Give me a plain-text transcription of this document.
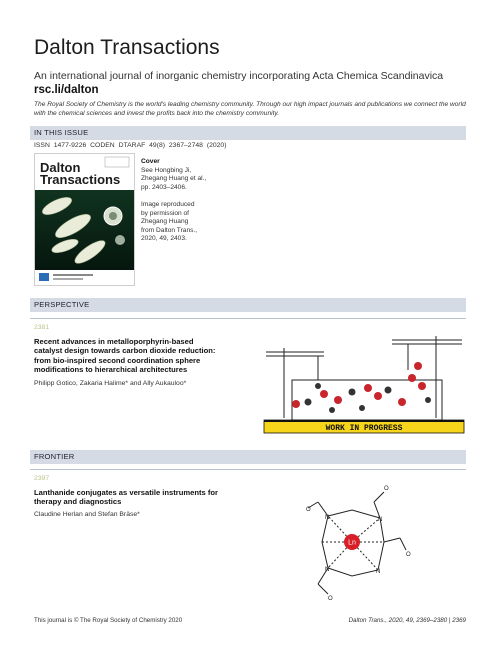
Dalton Transactions
An international journal of inorganic chemistry incorporating Acta Chemica Scandinavica
rsc.li/dalton
The Royal Society of Chemistry is the world's leading chemistry community. Through our high impact journals and publications we connect the world with the chemical sciences and invest the profits back into the chemistry community.
IN THIS ISSUE
ISSN 1477-9226 CODEN DTARAF 49(8) 2367–2748 (2020)
Dalton
Transactions
Cover
See Hongbing Ji,
Zhegang Huang et al.,
pp. 2403–2406.
Image reproduced
by permission of
Zhegang Huang
from Dalton Trans.,
2020, 49, 2403.
PERSPECTIVE
2381
Recent advances in metalloporphyrin-based
catalyst design towards carbon dioxide reduction:
from bio-inspired second coordination sphere
modifications to hierarchical architectures
Philipp Gotico, Zakaria Halime* and Ally Aukauloo*
WORK IN PROGRESS
FRONTIER
2397
Lanthanide conjugates as versatile instruments for
therapy and diagnostics
Claudine Herlan and Stefan Bräse*
O
O
O
O
N	N
N	N
Ln
This journal is © The Royal Society of Chemistry 2020	Dalton Trans., 2020, 49, 2369–2380 | 2369
